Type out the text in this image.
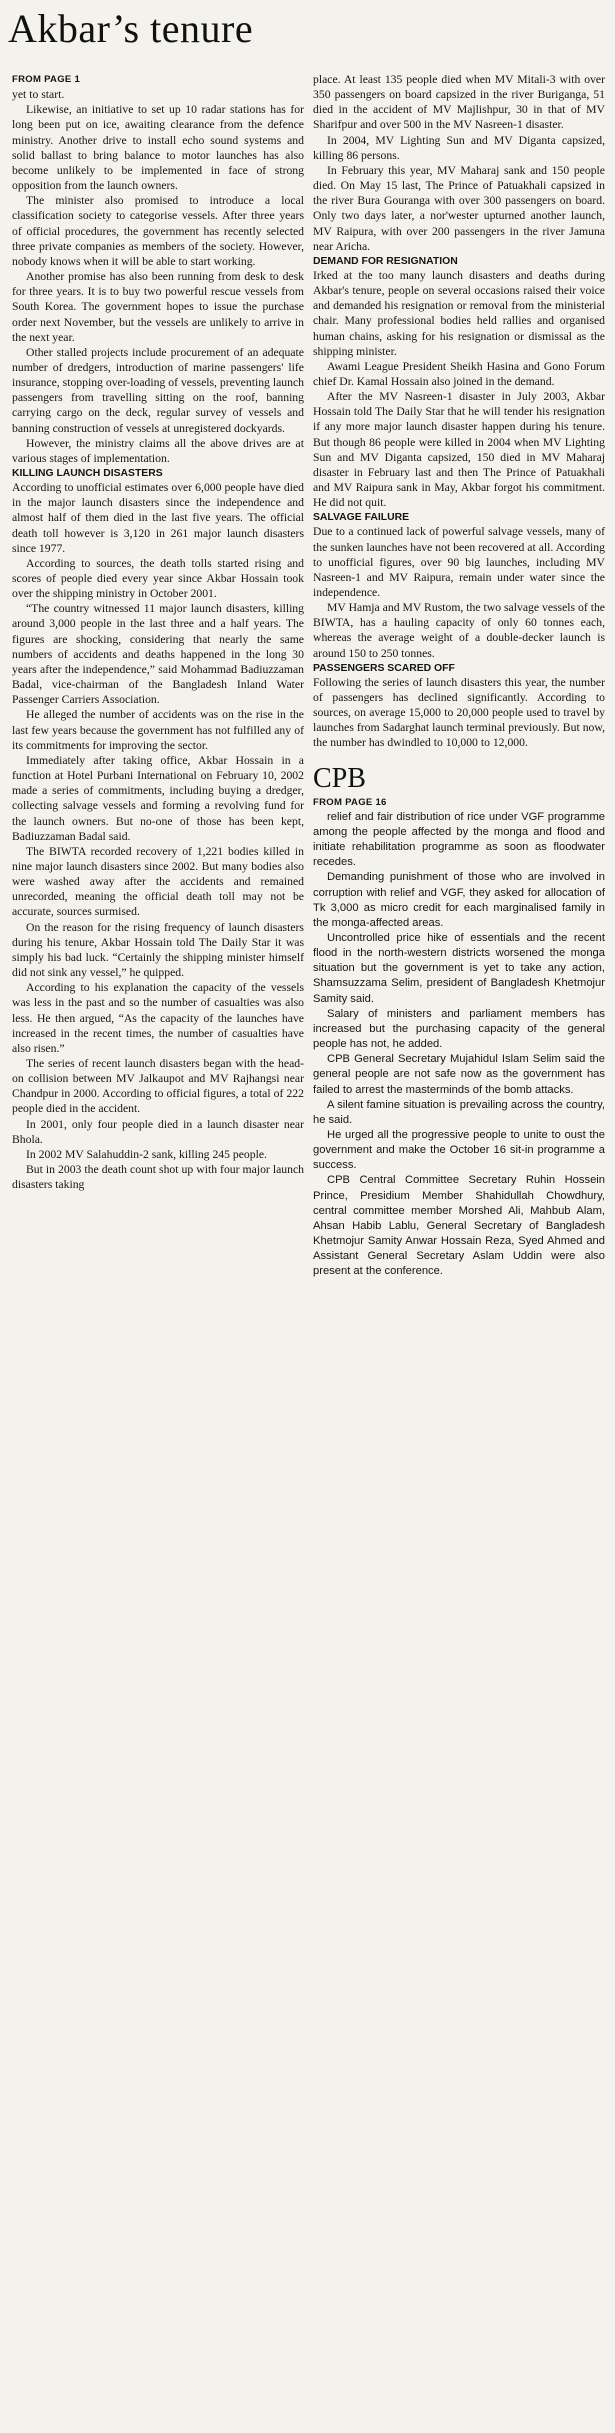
Akbar’s tenure
FROM PAGE 1

yet to start.

Likewise, an initiative to set up 10 radar stations has for long been put on ice, awaiting clearance from the defence ministry. Another drive to install echo sound systems and solid ballast to bring balance to motor launches has also become unlikely to be implemented in face of strong opposition from the launch owners.

The minister also promised to introduce a local classification society to categorise vessels. After three years of official procedures, the government has recently selected three private companies as members of the society. However, nobody knows when it will be able to start working.

Another promise has also been running from desk to desk for three years. It is to buy two powerful rescue vessels from South Korea. The government hopes to issue the purchase order next November, but the vessels are unlikely to arrive in the next year.

Other stalled projects include procurement of an adequate number of dredgers, introduction of marine passengers' life insurance, stopping over-loading of vessels, preventing launch passengers from travelling sitting on the roof, banning carrying cargo on the deck, regular survey of vessels and banning construction of vessels at unregistered dockyards.

However, the ministry claims all the above drives are at various stages of implementation.

KILLING LAUNCH DISASTERS

According to unofficial estimates over 6,000 people have died in the major launch disasters since the independence and almost half of them died in the last five years. The official death toll however is 3,120 in 261 major launch disasters since 1977.

According to sources, the death tolls started rising and scores of people died every year since Akbar Hossain took over the shipping ministry in October 2001.

“The country witnessed 11 major launch disasters, killing around 3,000 people in the last three and a half years. The figures are shocking, considering that nearly the same numbers of accidents and deaths happened in the long 30 years after the independence,” said Mohammad Badiuzzaman Badal, vice-chairman of the Bangladesh Inland Water Passenger Carriers Association.

He alleged the number of accidents was on the rise in the last few years because the government has not fulfilled any of its commitments for improving the sector.

Immediately after taking office, Akbar Hossain in a function at Hotel Purbani International on February 10, 2002 made a series of commitments, including buying a dredger, collecting salvage vessels and forming a revolving fund for the launch owners. But no-one of those has been kept, Badiuzzaman Badal said.

The BIWTA recorded recovery of 1,221 bodies killed in nine major launch disasters since 2002. But many bodies also were washed away after the accidents and remained unrecorded, meaning the official death toll may not be accurate, sources surmised.

On the reason for the rising frequency of launch disasters during his tenure, Akbar Hossain told The Daily Star it was simply his bad luck. “Certainly the shipping minister himself did not sink any vessel,” he quipped.

According to his explanation the capacity of the vessels was less in the past and so the number of casualties was also less. He then argued, “As the capacity of the launches have increased in the recent times, the number of casualties have also risen.”

The series of recent launch disasters began with the head-on collision between MV Jalkaupot and MV Rajhangsi near Chandpur in 2000. According to official figures, a total of 222 people died in the accident.

In 2001, only four people died in a launch disaster near Bhola.

In 2002 MV Salahuddin-2 sank, killing 245 people.

But in 2003 the death count shot up with four major launch disasters taking

place. At least 135 people died when MV Mitali-3 with over 350 passengers on board capsized in the river Buriganga, 51 died in the accident of MV Majlishpur, 30 in that of MV Sharifpur and over 500 in the MV Nasreen-1 disaster.

In 2004, MV Lighting Sun and MV Diganta capsized, killing 86 persons.

In February this year, MV Maharaj sank and 150 people died. On May 15 last, The Prince of Patuakhali capsized in the river Bura Gouranga with over 300 passengers on board. Only two days later, a nor'wester upturned another launch, MV Raipura, with over 200 passengers in the river Jamuna near Aricha.

DEMAND FOR RESIGNATION

Irked at the too many launch disasters and deaths during Akbar's tenure, people on several occasions raised their voice and demanded his resignation or removal from the ministerial chair. Many professional bodies held rallies and organised human chains, asking for his resignation or dismissal as the shipping minister.

Awami League President Sheikh Hasina and Gono Forum chief Dr. Kamal Hossain also joined in the demand.

After the MV Nasreen-1 disaster in July 2003, Akbar Hossain told The Daily Star that he will tender his resignation if any more major launch disaster happen during his tenure. But though 86 people were killed in 2004 when MV Lighting Sun and MV Diganta capsized, 150 died in MV Maharaj disaster in February last and then The Prince of Patuakhali and MV Raipura sank in May, Akbar forgot his commitment. He did not quit.

SALVAGE FAILURE

Due to a continued lack of powerful salvage vessels, many of the sunken launches have not been recovered at all. According to unofficial figures, over 90 big launches, including MV Nasreen-1 and MV Raipura, remain under water since the independence.

MV Hamja and MV Rustom, the two salvage vessels of the BIWTA, has a hauling capacity of only 60 tonnes each, whereas the average weight of a double-decker launch is around 150 to 250 tonnes.

PASSENGERS SCARED OFF

Following the series of launch disasters this year, the number of passengers has declined significantly. According to sources, on average 15,000 to 20,000 people used to travel by launches from Sadarghat launch terminal previously. But now, the number has dwindled to 10,000 to 12,000.

CPB
FROM PAGE 16

relief and fair distribution of rice under VGF programme among the people affected by the monga and flood and initiate rehabilitation programme as soon as floodwater recedes.

Demanding punishment of those who are involved in corruption with relief and VGF, they asked for allocation of Tk 3,000 as micro credit for each marginalised family in the monga-affected areas.

Uncontrolled price hike of essentials and the recent flood in the north-western districts worsened the monga situation but the government is yet to take any action, Shamsuzzama Selim, president of Bangladesh Khetmojur Samity said.

Salary of ministers and parliament members has increased but the purchasing capacity of the general people has not, he added.

CPB General Secretary Mujahidul Islam Selim said the general people are not safe now as the government has failed to arrest the masterminds of the bomb attacks.

A silent famine situation is prevailing across the country, he said.

He urged all the progressive people to unite to oust the government and make the October 16 sit-in programme a success.

CPB Central Committee Secretary Ruhin Hossein Prince, Presidium Member Shahidullah Chowdhury, central committee member Morshed Ali, Mahbub Alam, Ahsan Habib Lablu, General Secretary of Bangladesh Khetmojur Samity Anwar Hossain Reza, Syed Ahmed and Assistant General Secretary Aslam Uddin were also present at the conference.
